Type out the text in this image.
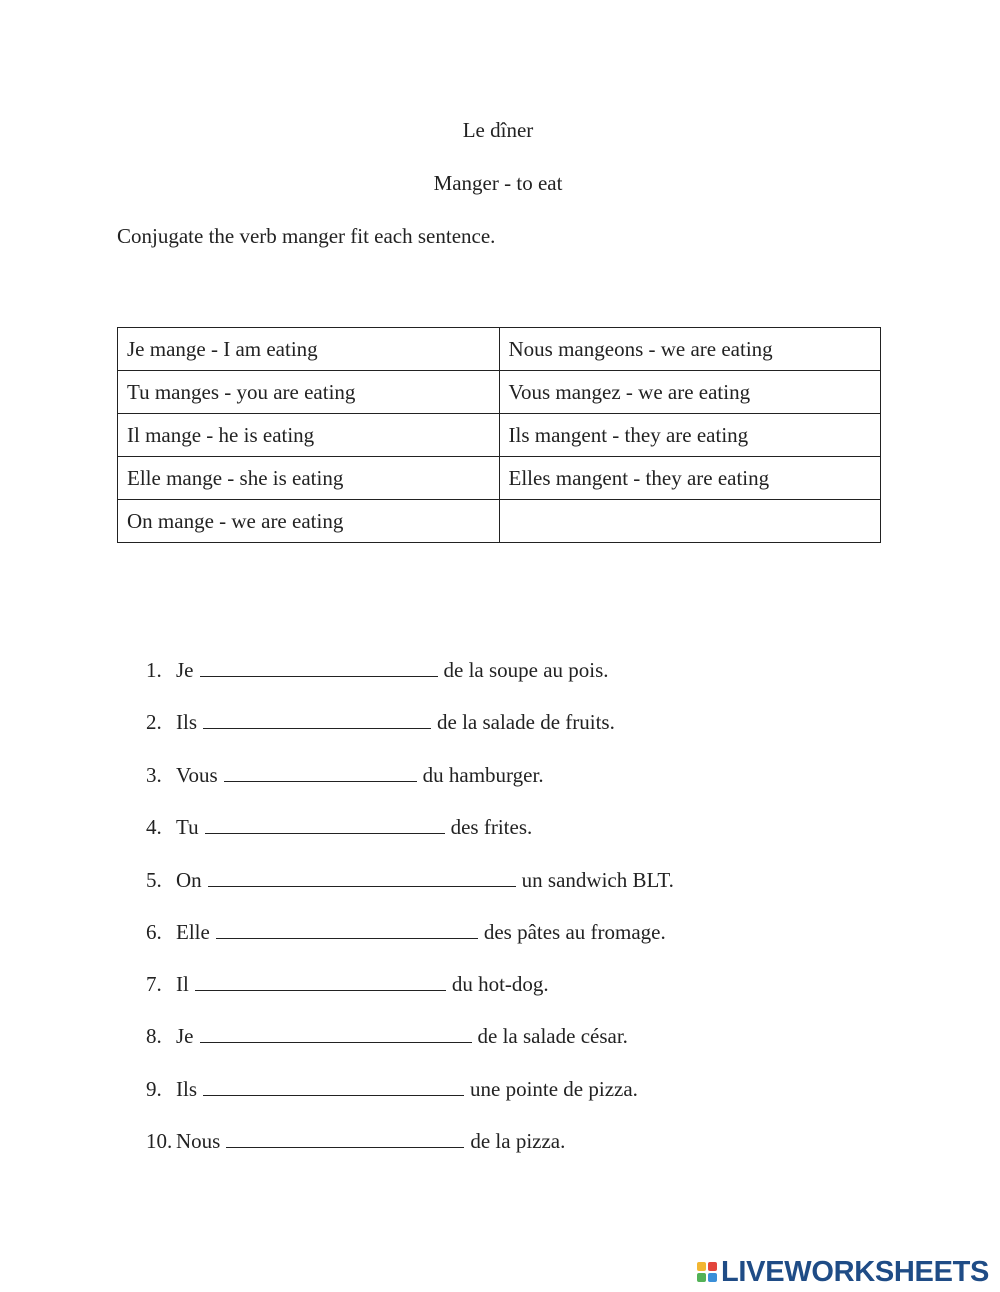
Le dîner
Manger - to eat
Conjugate the verb manger fit each sentence.
Je mange - I am eating	Nous mangeons - we are eating
Tu manges - you are eating	Vous mangez - we are eating
Il mange - he is eating	Ils mangent - they are eating
Elle mange - she is eating	Elles mangent - they are eating
On mange - we are eating	
1. Je	de la soupe au pois.
2. Ils	de la salade de fruits.
3. Vous	du hamburger.
4. Tu	des frites.
5. On	un sandwich BLT.
6. Elle	des pâtes au fromage.
7. Il	du hot-dog.
8. Je	de la salade césar.
9. Ils	une pointe de pizza.
10. Nous	de la pizza.
LIVEWORKSHEETS
